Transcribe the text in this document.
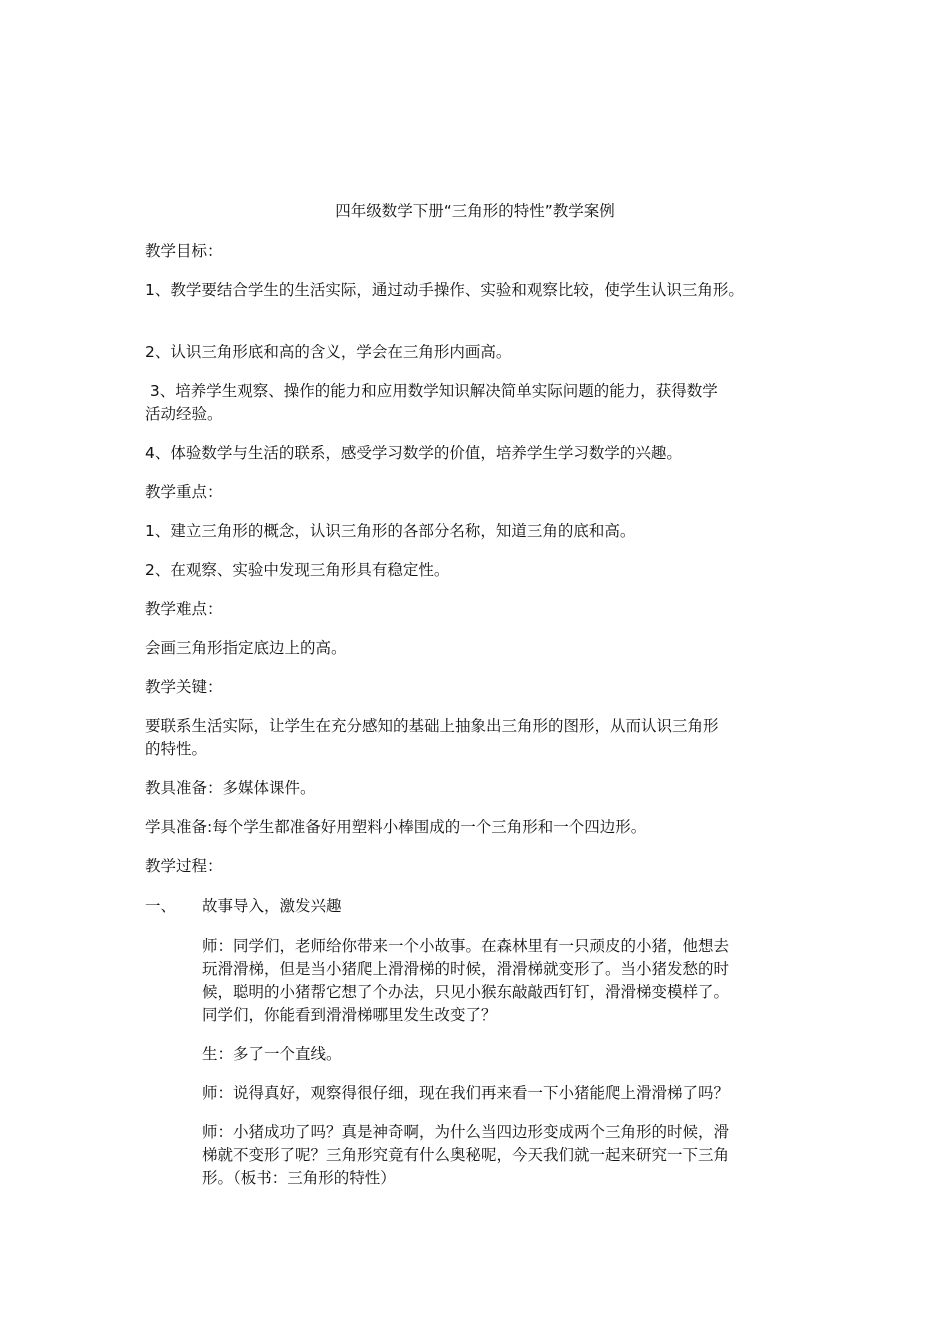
四年级数学下册“三角形的特性”教学案例
教学目标：
1、教学要结合学生的生活实际，通过动手操作、实验和观察比较，使学生认识三角形。
2、认识三角形底和高的含义，学会在三角形内画高。
3、培养学生观察、操作的能力和应用数学知识解决简单实际问题的能力，获得数学
活动经验。
4、体验数学与生活的联系，感受学习数学的价值，培养学生学习数学的兴趣。
教学重点：
1、建立三角形的概念，认识三角形的各部分名称，知道三角的底和高。
2、在观察、实验中发现三角形具有稳定性。
教学难点：
会画三角形指定底边上的高。
教学关键：
要联系生活实际，让学生在充分感知的基础上抽象出三角形的图形，从而认识三角形
的特性。
教具准备：多媒体课件。
学具准备:每个学生都准备好用塑料小棒围成的一个三角形和一个四边形。
教学过程：
一、 故事导入，激发兴趣
师：同学们，老师给你带来一个小故事。在森林里有一只顽皮的小猪，他想去
玩滑滑梯，但是当小猪爬上滑滑梯的时候，滑滑梯就变形了。当小猪发愁的时
候，聪明的小猪帮它想了个办法，只见小猴东敲敲西钉钉，滑滑梯变模样了。
同学们，你能看到滑滑梯哪里发生改变了？
生：多了一个直线。
师：说得真好，观察得很仔细，现在我们再来看一下小猪能爬上滑滑梯了吗？
师：小猪成功了吗？真是神奇啊，为什么当四边形变成两个三角形的时候，滑
梯就不变形了呢？三角形究竟有什么奥秘呢，今天我们就一起来研究一下三角
形。（板书：三角形的特性）
